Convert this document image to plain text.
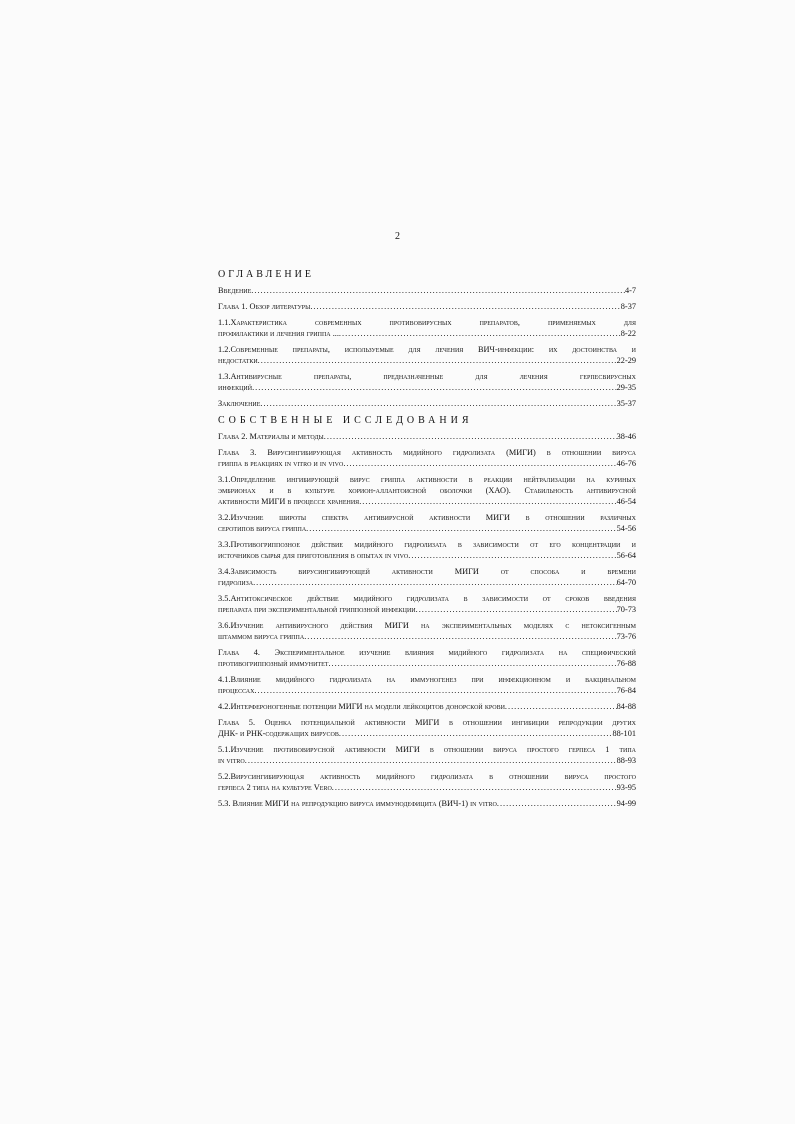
2
ОГЛАВЛЕНИЕ
Введение .....	4-7
Глава 1. Обзор литературы .....	8-37
1.1.Характеристика современных противовирусных препаратов, применяемых для
профилактики и лечения гриппа ... .....	8-22
1.2.Современные препараты, используемые для лечения ВИЧ-инфекции: их достоинства и
недостатки .....	22-29
1.3.Антивирусные препараты, предназначенные для лечения герпесвирусных
инфекций .....	29-35
Заключение .....	35-37
СОБСТВЕННЫЕ ИССЛЕДОВАНИЯ
Глава 2. Материалы и методы .....	38-46
Глава 3. Вирусингибирующая активность мидийного гидролизата (МИГИ) в отношении вируса
гриппа в реакциях in vitro и in vivo .....	46-76
3.1.Определение ингибирующей вирус гриппа активности в реакции нейтрализации на куриных
эмбрионах и в культуре хорион-аллантоисной оболочки (ХАО). Стабильность антивирусной
активности МИГИ в процессе хранения .....	46-54
3.2.Изучение широты спектра антивирусной активности МИГИ в отношении различных
серотипов вируса гриппа .....	54-56
3.3.Противогриппозное действие мидийного гидролизата в зависимости от его концентрации и
источников сырья для приготовления в опытах in vivo .....	56-64
3.4.Зависимость вирусингибирующей активности МИГИ от способа и времени
гидролиза .....	64-70
3.5.Антитоксическое действие мидийного гидролизата в зависимости от сроков введения
препарата при экспериментальной гриппозной инфекции .....	70-73
3.6.Изучение антивирусного действия МИГИ на экспериментальных моделях с нетоксигенным
штаммом вируса гриппа .....	73-76
Глава 4. Экспериментальное изучение влияния мидийного гидролизата на специфический
противогриппозный иммунитет .....	76-88
4.1.Влияние мидийного гидролизата на иммуногенез при инфекционном и вакцинальном
процессах .....	76-84
4.2.Интерфероногенные потенции МИГИ на модели лейкоцитов донорской крови .....	84-88
Глава 5. Оценка потенциальной активности МИГИ в отношении ингибиции репродукции других
ДНК- и РНК-содержащих вирусов .....	88-101
5.1.Изучение противовирусной активности МИГИ в отношении вируса простого герпеса 1 типа
in vitro .....	88-93
5.2.Вирусингибирующая активность мидийного гидролизата в отношении вируса простого
герпеса 2 типа на культуре Vero .....	93-95
5.3. Влияние МИГИ на репродукцию вируса иммунодефицита (ВИЧ-1) in vitro .....	94-99
